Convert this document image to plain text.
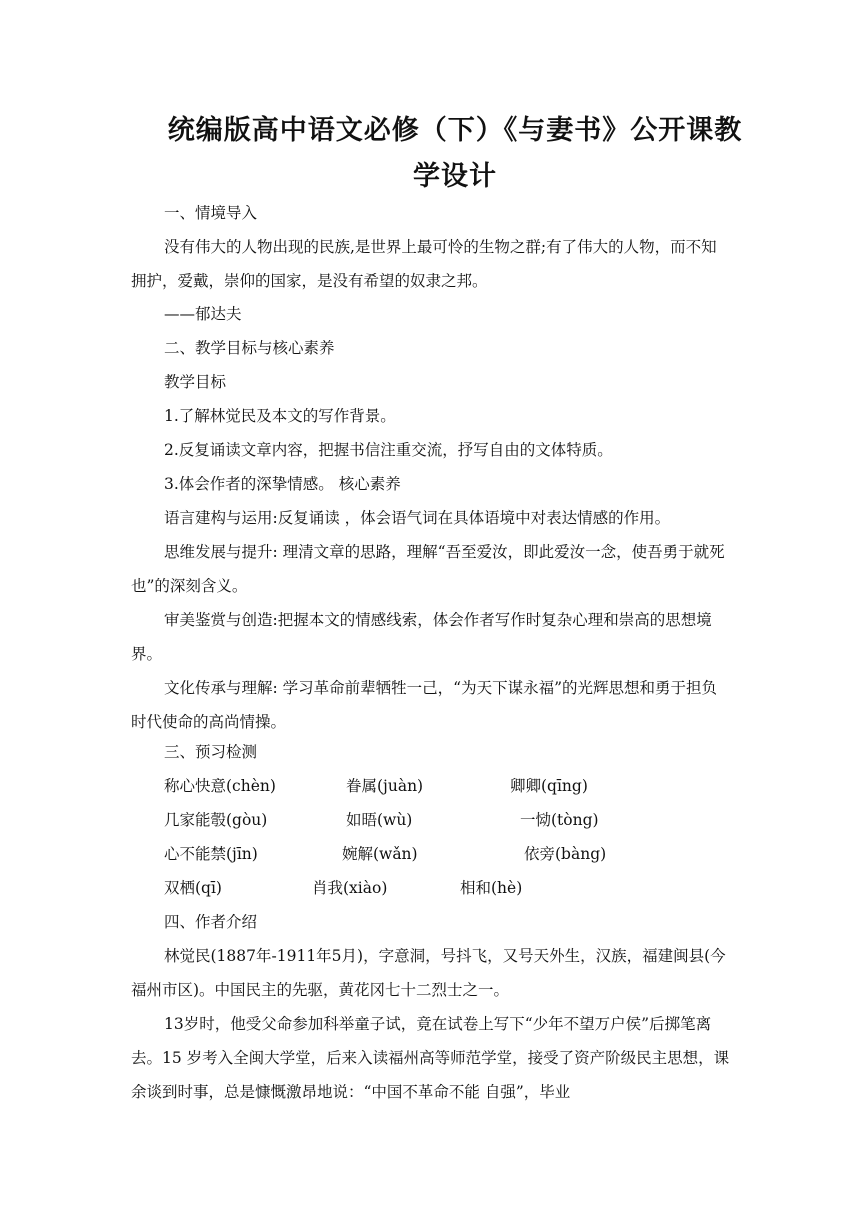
统编版高中语文必修（下）《与妻书》公开课教学设计
一、情境导入
没有伟大的人物出现的民族,是世界上最可怜的生物之群;有了伟大的人物，而不知拥护，爱戴，崇仰的国家，是没有希望的奴隶之邦。
——郁达夫
二、教学目标与核心素养
教学目标
1.了解林觉民及本文的写作背景。
2.反复诵读文章内容，把握书信注重交流，抒写自由的文体特质。
3.体会作者的深挚情感。 核心素养
语言建构与运用:反复诵读 ，体会语气词在具体语境中对表达情感的作用。
思维发展与提升: 理清文章的思路，理解“吾至爱汝，即此爱汝一念，使吾勇于就死也”的深刻含义。
审美鉴赏与创造:把握本文的情感线索，体会作者写作时复杂心理和崇高的思想境界。
文化传承与理解: 学习革命前辈牺牲一己，“为天下谋永福”的光辉思想和勇于担负时代使命的高尚情操。
三、预习检测
称心快意(chèn)	眷属(juàn)	卿卿(qīng)
几家能彀(gòu)	如晤(wù)	一恸(tòng)
心不能禁(jīn)	婉解(wǎn)	依旁(bàng)
双栖(qī)	肖我(xiào)	相和(hè)
四、作者介绍
林觉民(1887年-1911年5月)，字意洞，号抖飞，又号天外生，汉族，福建闽县(今福州市区)。中国民主的先驱，黄花冈七十二烈士之一。
13岁时，他受父命参加科举童子试，竟在试卷上写下“少年不望万户侯”后掷笔离去。15 岁考入全闽大学堂，后来入读福州高等师范学堂，接受了资产阶级民主思想，课余谈到时事，总是慷慨激昂地说：“中国不革命不能 自强”，毕业
